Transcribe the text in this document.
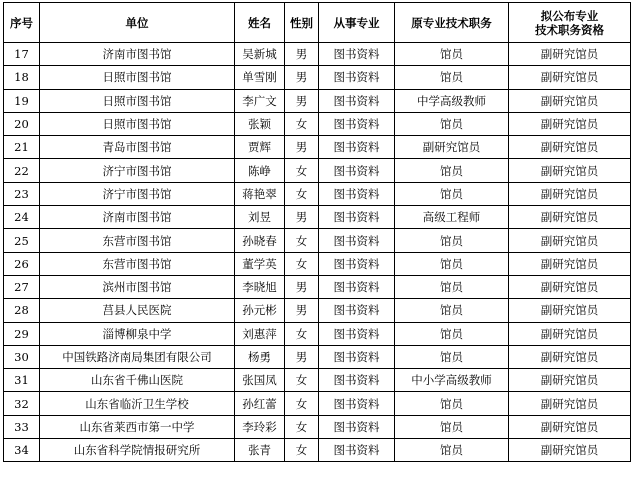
序号	单位	姓名	性别	从事专业	原专业技术职务	拟公布专业
技术职务资格

17	济南市图书馆	吴新城	男	图书资料	馆员	副研究馆员
18	日照市图书馆	单雪刚	男	图书资料	馆员	副研究馆员
19	日照市图书馆	李广文	男	图书资料	中学高级教师	副研究馆员
20	日照市图书馆	张颖	女	图书资料	馆员	副研究馆员
21	青岛市图书馆	贾辉	男	图书资料	副研究馆员	副研究馆员
22	济宁市图书馆	陈峥	女	图书资料	馆员	副研究馆员
23	济宁市图书馆	蒋艳翠	女	图书资料	馆员	副研究馆员
24	济南市图书馆	刘昱	男	图书资料	高级工程师	副研究馆员
25	东营市图书馆	孙晓春	女	图书资料	馆员	副研究馆员
26	东营市图书馆	董学英	女	图书资料	馆员	副研究馆员
27	滨州市图书馆	李晓旭	男	图书资料	馆员	副研究馆员
28	莒县人民医院	孙元彬	男	图书资料	馆员	副研究馆员
29	淄博柳泉中学	刘惠萍	女	图书资料	馆员	副研究馆员
30	中国铁路济南局集团有限公司	杨勇	男	图书资料	馆员	副研究馆员
31	山东省千佛山医院	张国凤	女	图书资料	中小学高级教师	副研究馆员
32	山东省临沂卫生学校	孙红蕾	女	图书资料	馆员	副研究馆员
33	山东省莱西市第一中学	李玲彩	女	图书资料	馆员	副研究馆员
34	山东省科学院情报研究所	张青	女	图书资料	馆员	副研究馆员
